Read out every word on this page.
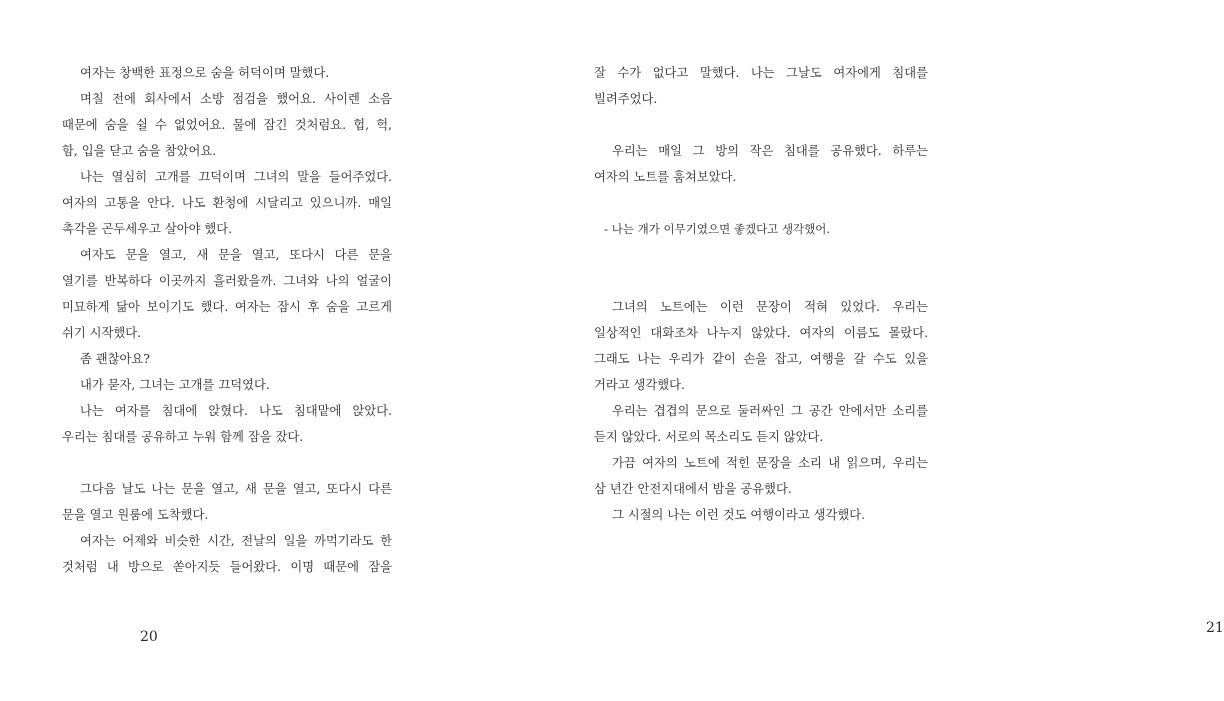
여자는 창백한 표정으로 숨을 허덕이며 말했다.
며칠 전에 회사에서 소방 점검을 했어요. 사이렌 소음
때문에 숨을 쉴 수 없었어요. 물에 잠긴 것처럼요. 헙, 헉,
함, 입을 닫고 숨을 참았어요.
나는 열심히 고개를 끄덕이며 그녀의 말을 들어주었다.
여자의 고통을 안다. 나도 환청에 시달리고 있으니까. 매일
촉각을 곤두세우고 살아야 했다.
여자도 문을 열고, 새 문을 열고, 또다시 다른 문을
열기를 반복하다 이곳까지 흘러왔을까. 그녀와 나의 얼굴이
미묘하게 닮아 보이기도 했다. 여자는 잠시 후 숨을 고르게
쉬기 시작했다.
좀 괜찮아요?
내가 묻자, 그녀는 고개를 끄덕였다.
나는 여자를 침대에 앉혔다. 나도 침대맡에 앉았다.
우리는 침대를 공유하고 누워 함께 잠을 잤다.
그다음 날도 나는 문을 열고, 새 문을 열고, 또다시 다른
문을 열고 원룸에 도착했다.
여자는 어제와 비슷한 시간, 전날의 일을 까먹기라도 한
것처럼 내 방으로 쏟아지듯 들어왔다. 이명 때문에 잠을
20
잘 수가 없다고 말했다. 나는 그날도 여자에게 침대를
빌려주었다.
우리는 매일 그 방의 작은 침대를 공유했다. 하루는
여자의 노트를 훔쳐보았다.
- 나는 걔가 이무기였으면 좋겠다고 생각했어.
그녀의 노트에는 이런 문장이 적혀 있었다. 우리는
일상적인 대화조차 나누지 않았다. 여자의 이름도 몰랐다.
그래도 나는 우리가 같이 손을 잡고, 여행을 갈 수도 있을
거라고 생각했다.
우리는 겹겹의 문으로 둘러싸인 그 공간 안에서만 소리를
듣지 않았다. 서로의 목소리도 듣지 않았다.
가끔 여자의 노트에 적힌 문장을 소리 내 읽으며, 우리는
삼 년간 안전지대에서 밤을 공유했다.
그 시절의 나는 이런 것도 여행이라고 생각했다.
21
